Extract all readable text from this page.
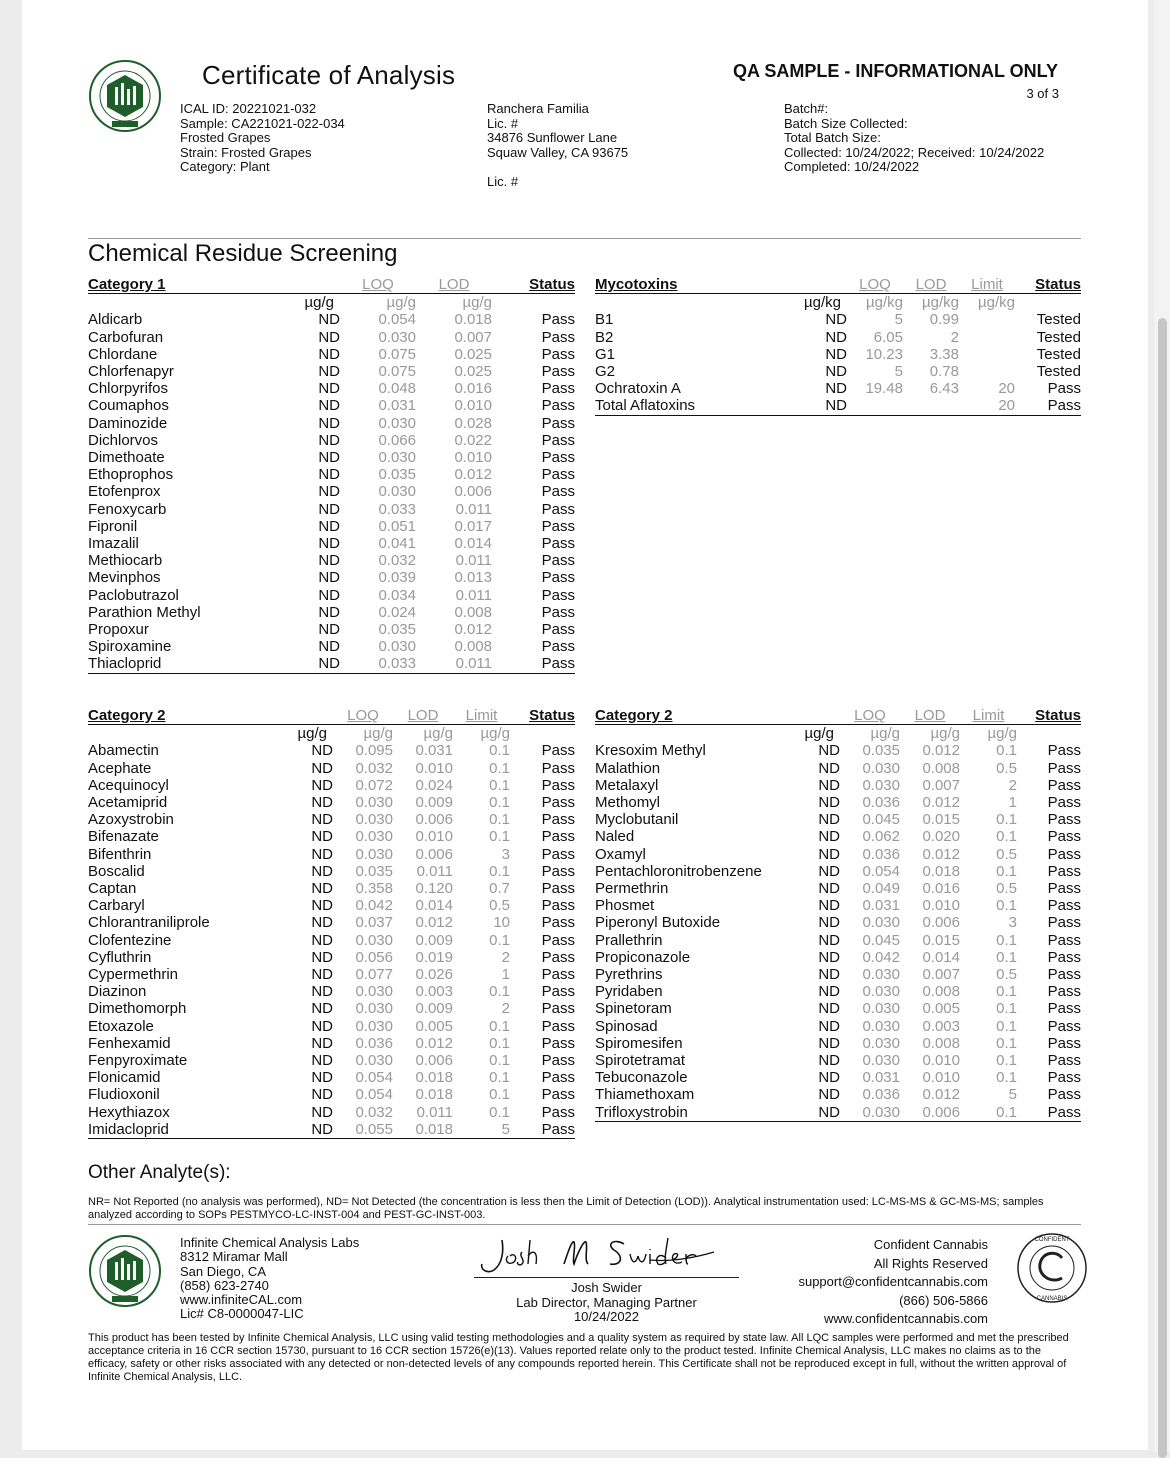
Certificate of Analysis	QA SAMPLE - INFORMATIONAL ONLY
3 of 3
ICAL ID: 20221021-032
Sample: CA221021-022-034
Frosted Grapes
Strain: Frosted Grapes
Category: Plant
Ranchera Familia
Lic. #
34876 Sunflower Lane
Squaw Valley, CA 93675
Lic. #
Batch#:
Batch Size Collected:
Total Batch Size:
Collected: 10/24/2022; Received: 10/24/2022
Completed: 10/24/2022
Chemical Residue Screening
Category 1		LOQ	LOD	Status
	µg/g	µg/g	µg/g	
Aldicarb	ND	0.054	0.018	Pass
Carbofuran	ND	0.030	0.007	Pass
Chlordane	ND	0.075	0.025	Pass
Chlorfenapyr	ND	0.075	0.025	Pass
Chlorpyrifos	ND	0.048	0.016	Pass
Coumaphos	ND	0.031	0.010	Pass
Daminozide	ND	0.030	0.028	Pass
Dichlorvos	ND	0.066	0.022	Pass
Dimethoate	ND	0.030	0.010	Pass
Ethoprophos	ND	0.035	0.012	Pass
Etofenprox	ND	0.030	0.006	Pass
Fenoxycarb	ND	0.033	0.011	Pass
Fipronil	ND	0.051	0.017	Pass
Imazalil	ND	0.041	0.014	Pass
Methiocarb	ND	0.032	0.011	Pass
Mevinphos	ND	0.039	0.013	Pass
Paclobutrazol	ND	0.034	0.011	Pass
Parathion Methyl	ND	0.024	0.008	Pass
Propoxur	ND	0.035	0.012	Pass
Spiroxamine	ND	0.030	0.008	Pass
Thiacloprid	ND	0.033	0.011	Pass
Mycotoxins		LOQ	LOD	Limit	Status
	µg/kg	µg/kg	µg/kg	µg/kg	
B1	ND	5	0.99		Tested
B2	ND	6.05	2		Tested
G1	ND	10.23	3.38		Tested
G2	ND	5	0.78		Tested
Ochratoxin A	ND	19.48	6.43	20	Pass
Total Aflatoxins	ND			20	Pass
Category 2		LOQ	LOD	Limit	Status
	µg/g	µg/g	µg/g	µg/g	
Abamectin	ND	0.095	0.031	0.1	Pass
Acephate	ND	0.032	0.010	0.1	Pass
Acequinocyl	ND	0.072	0.024	0.1	Pass
Acetamiprid	ND	0.030	0.009	0.1	Pass
Azoxystrobin	ND	0.030	0.006	0.1	Pass
Bifenazate	ND	0.030	0.010	0.1	Pass
Bifenthrin	ND	0.030	0.006	3	Pass
Boscalid	ND	0.035	0.011	0.1	Pass
Captan	ND	0.358	0.120	0.7	Pass
Carbaryl	ND	0.042	0.014	0.5	Pass
Chlorantraniliprole	ND	0.037	0.012	10	Pass
Clofentezine	ND	0.030	0.009	0.1	Pass
Cyfluthrin	ND	0.056	0.019	2	Pass
Cypermethrin	ND	0.077	0.026	1	Pass
Diazinon	ND	0.030	0.003	0.1	Pass
Dimethomorph	ND	0.030	0.009	2	Pass
Etoxazole	ND	0.030	0.005	0.1	Pass
Fenhexamid	ND	0.036	0.012	0.1	Pass
Fenpyroximate	ND	0.030	0.006	0.1	Pass
Flonicamid	ND	0.054	0.018	0.1	Pass
Fludioxonil	ND	0.054	0.018	0.1	Pass
Hexythiazox	ND	0.032	0.011	0.1	Pass
Imidacloprid	ND	0.055	0.018	5	Pass
Category 2		LOQ	LOD	Limit	Status
	µg/g	µg/g	µg/g	µg/g	
Kresoxim Methyl	ND	0.035	0.012	0.1	Pass
Malathion	ND	0.030	0.008	0.5	Pass
Metalaxyl	ND	0.030	0.007	2	Pass
Methomyl	ND	0.036	0.012	1	Pass
Myclobutanil	ND	0.045	0.015	0.1	Pass
Naled	ND	0.062	0.020	0.1	Pass
Oxamyl	ND	0.036	0.012	0.5	Pass
Pentachloronitrobenzene	ND	0.054	0.018	0.1	Pass
Permethrin	ND	0.049	0.016	0.5	Pass
Phosmet	ND	0.031	0.010	0.1	Pass
Piperonyl Butoxide	ND	0.030	0.006	3	Pass
Prallethrin	ND	0.045	0.015	0.1	Pass
Propiconazole	ND	0.042	0.014	0.1	Pass
Pyrethrins	ND	0.030	0.007	0.5	Pass
Pyridaben	ND	0.030	0.008	0.1	Pass
Spinetoram	ND	0.030	0.005	0.1	Pass
Spinosad	ND	0.030	0.003	0.1	Pass
Spiromesifen	ND	0.030	0.008	0.1	Pass
Spirotetramat	ND	0.030	0.010	0.1	Pass
Tebuconazole	ND	0.031	0.010	0.1	Pass
Thiamethoxam	ND	0.036	0.012	5	Pass
Trifloxystrobin	ND	0.030	0.006	0.1	Pass
Other Analyte(s):
NR= Not Reported (no analysis was performed), ND= Not Detected (the concentration is less then the Limit of Detection (LOD)). Analytical instrumentation used: LC-MS-MS & GC-MS-MS; samples analyzed according to SOPs PESTMYCO-LC-INST-004 and PEST-GC-INST-003.
Infinite Chemical Analysis Labs
8312 Miramar Mall
San Diego, CA
(858) 623-2740
www.infiniteCAL.com
Lic# C8-0000047-LIC
Josh Swider
Lab Director, Managing Partner
10/24/2022
Confident Cannabis
All Rights Reserved
support@confidentcannabis.com
(866) 506-5866
www.confidentcannabis.com
CONFIDENT
CANNABIS
This product has been tested by Infinite Chemical Analysis, LLC using valid testing methodologies and a quality system as required by state law. All LQC samples were performed and met the prescribed acceptance criteria in 16 CCR section 15730, pursuant to 16 CCR section 15726(e)(13). Values reported relate only to the product tested. Infinite Chemical Analysis, LLC makes no claims as to the efficacy, safety or other risks associated with any detected or non-detected levels of any compounds reported herein. This Certificate shall not be reproduced except in full, without the written approval of Infinite Chemical Analysis, LLC.
